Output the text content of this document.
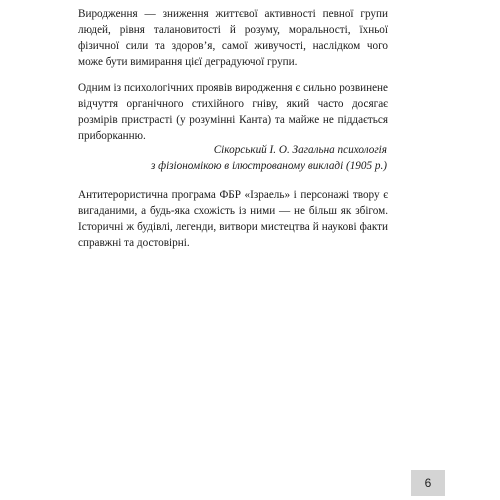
Виродження — зниження життєвої активності певної групи людей, рівня талановитості й розуму, моральності, їхньої фізичної сили та здоров’я, самої живучості, наслідком чого може бути вимирання цієї деградуючої групи.

Одним із психологічних проявів виродження є сильно розвинене відчуття органічного стихійного гніву, який часто досягає розмірів пристрасті (у розумінні Канта) та майже не піддається приборканню.

Сікорський І. О. Загальна психологія
з фізіономікою в ілюстрованому викладі (1905 р.)

Антитерористична програма ФБР «Ізраель» і персонажі твору є вигаданими, а будь-яка схожість із ними — не більш як збігом. Історичні ж будівлі, легенди, витвори мистецтва й наукові факти справжні та достовірні.

6
